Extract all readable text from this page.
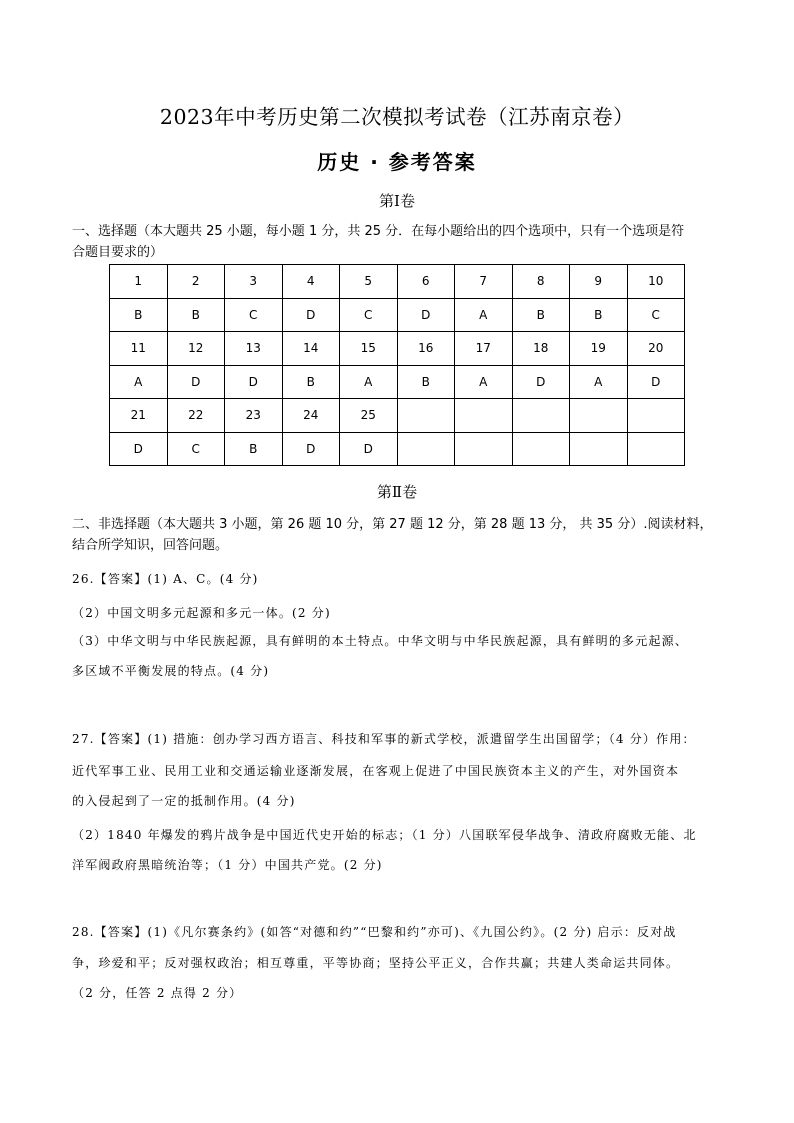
2023年中考历史第二次模拟考试卷（江苏南京卷）
历史 · 参考答案
第Ⅰ卷
一、选择题（本大题共 25 小题，每小题 1 分，共 25 分．在每小题给出的四个选项中，只有一个选项是符
合题目要求的）
1	2	3	4	5	6	7	8	9	10
B	B	C	D	C	D	A	B	B	C
11	12	13	14	15	16	17	18	19	20
A	D	D	B	A	B	A	D	A	D
21	22	23	24	25					
D	C	B	D	D					
第Ⅱ卷
二、非选择题（本大题共 3 小题，第 26 题 10 分，第 27 题 12 分，第 28 题 13 分， 共 35 分）.阅读材料，
结合所学知识，回答问题。
26.【答案】(1) A、C。(4 分)
（2）中国文明多元起源和多元一体。(2 分)
（3）中华文明与中华民族起源，具有鲜明的本土特点。中华文明与中华民族起源，具有鲜明的多元起源、
多区域不平衡发展的特点。(4 分)
27.【答案】(1) 措施：创办学习西方语言、科技和军事的新式学校，派遣留学生出国留学；（4 分）作用：
近代军事工业、民用工业和交通运输业逐渐发展，在客观上促进了中国民族资本主义的产生，对外国资本
的入侵起到了一定的抵制作用。(4 分)
（2）1840 年爆发的鸦片战争是中国近代史开始的标志；（1 分）八国联军侵华战争、清政府腐败无能、北
洋军阀政府黑暗统治等；（1 分）中国共产党。(2 分)
28.【答案】(1)《凡尔赛条约》(如答“对德和约”“巴黎和约”亦可)、《九国公约》。(2 分) 启示：反对战
争，珍爱和平；反对强权政治；相互尊重，平等协商；坚持公平正义，合作共赢；共建人类命运共同体。
（2 分，任答 2 点得 2 分）
